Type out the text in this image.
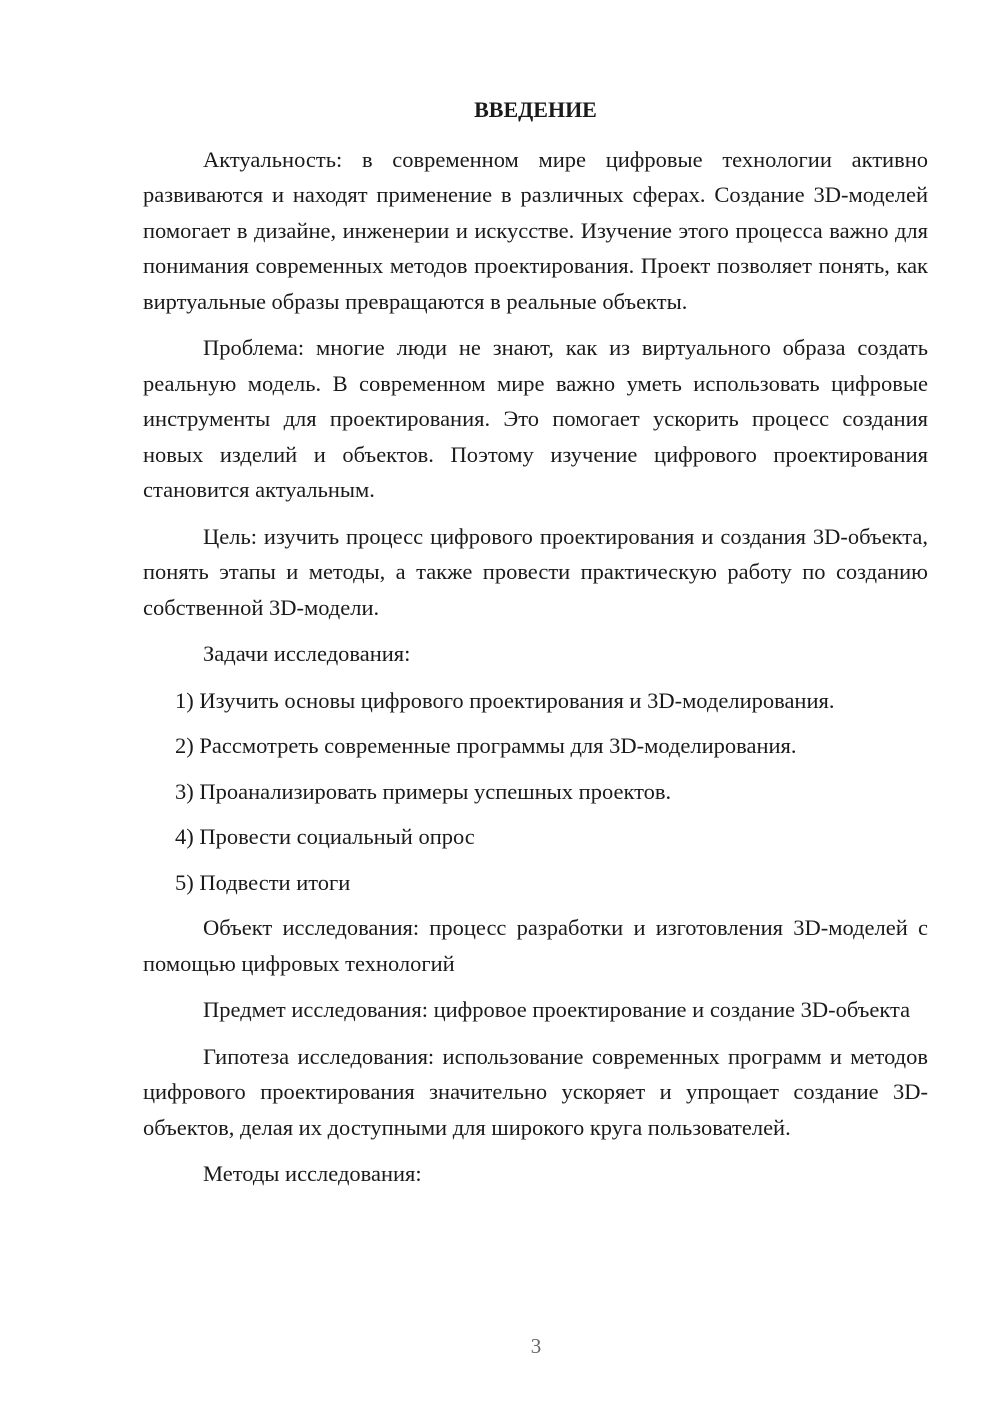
ВВЕДЕНИЕ

Актуальность: в современном мире цифровые технологии активно развиваются и находят применение в различных сферах. Создание 3D-моделей помогает в дизайне, инженерии и искусстве. Изучение этого процесса важно для понимания современных методов проектирования. Проект позволяет понять, как виртуальные образы превращаются в реальные объекты.

Проблема: многие люди не знают, как из виртуального образа создать реальную модель. В современном мире важно уметь использовать цифровые инструменты для проектирования. Это помогает ускорить процесс создания новых изделий и объектов. Поэтому изучение цифрового проектирования становится актуальным.

Цель: изучить процесс цифрового проектирования и создания 3D-объекта, понять этапы и методы, а также провести практическую работу по созданию собственной 3D-модели.

Задачи исследования:

1) Изучить основы цифрового проектирования и 3D-моделирования.
2) Рассмотреть современные программы для 3D-моделирования.
3) Проанализировать примеры успешных проектов.
4) Провести социальный опрос
5) Подвести итоги

Объект исследования: процесс разработки и изготовления 3D-моделей с помощью цифровых технологий

Предмет исследования: цифровое проектирование и создание 3D-объекта

Гипотеза исследования: использование современных программ и методов цифрового проектирования значительно ускоряет и упрощает создание 3D-объектов, делая их доступными для широкого круга пользователей.

Методы исследования:

3
